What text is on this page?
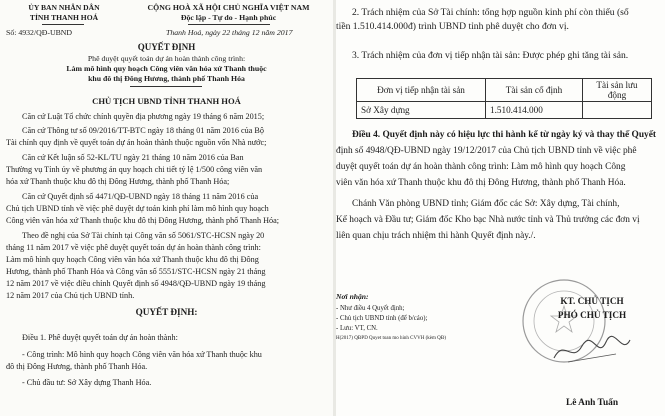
ỦY BAN NHÂN DÂN
TỈNH THANH HOÁ
CỘNG HOÀ XÃ HỘI CHỦ NGHĨA VIỆT NAM
Độc lập - Tự do - Hạnh phúc
Số: 4932/QĐ-UBND	Thanh Hoá, ngày 22 tháng 12 năm 2017
QUYẾT ĐỊNH
Phê duyệt quyết toán dự án hoàn thành công trình:
Làm mô hình quy hoạch Công viên văn hóa xứ Thanh thuộc
khu đô thị Đông Hương, thành phố Thanh Hóa
CHỦ TỊCH UBND TỈNH THANH HOÁ
Căn cứ Luật Tổ chức chính quyền địa phương ngày 19 tháng 6 năm 2015;
Căn cứ Thông tư số 09/2016/TT-BTC ngày 18 tháng 01 năm 2016 của Bộ
Tài chính quy định về quyết toán dự án hoàn thành thuộc nguồn vốn Nhà nước;
Căn cứ Kết luận số 52-KL/TU ngày 21 tháng 10 năm 2016 của Ban
Thường vụ Tỉnh ủy về phương án quy hoạch chi tiết tỷ lệ 1/500 công viên văn
hóa xứ Thanh thuộc khu đô thị Đông Hương, thành phố Thanh Hóa;
Căn cứ Quyết định số 4471/QĐ-UBND ngày 18 tháng 11 năm 2016 của
Chủ tịch UBND tỉnh về việc phê duyệt dự toán kinh phí làm mô hình quy hoạch
Công viên văn hóa xứ Thanh thuộc khu đô thị Đông Hương, thành phố Thanh Hóa;
Theo đề nghị của Sở Tài chính tại Công văn số 5061/STC-HCSN ngày 20
tháng 11 năm 2017 về việc phê duyệt quyết toán dự án hoàn thành công trình:
Làm mô hình quy hoạch Công viên văn hóa xứ Thanh thuộc khu đô thị Đông
Hương, thành phố Thanh Hóa và Công văn số 5551/STC-HCSN ngày 21 tháng
12 năm 2017 về việc điều chỉnh Quyết định số 4948/QĐ-UBND ngày 19 tháng
12 năm 2017 của Chủ tịch UBND tỉnh.
QUYẾT ĐỊNH:
Điều 1. Phê duyệt quyết toán dự án hoàn thành:
- Công trình: Mô hình quy hoạch Công viên văn hóa xứ Thanh thuộc khu
đô thị Đông Hương, thành phố Thanh Hóa.
- Chủ đầu tư: Sở Xây dựng Thanh Hóa.
2. Trách nhiệm của Sở Tài chính: tổng hợp nguồn kinh phí còn thiếu (số
tiền 1.510.414.000đ) trình UBND tỉnh phê duyệt cho đơn vị.
3. Trách nhiệm của đơn vị tiếp nhận tài sản: Được phép ghi tăng tài sản.
Đơn vị tiếp nhận tài sản	Tài sản cố định	Tài sản lưu động
Sở Xây dựng	1.510.414.000	
Điều 4. Quyết định này có hiệu lực thi hành kể từ ngày ký và thay thế Quyết
định số 4948/QĐ-UBND ngày 19/12/2017 của Chủ tịch UBND tỉnh về việc phê
duyệt quyết toán dự án hoàn thành công trình: Làm mô hình quy hoạch Công
viên văn hóa xứ Thanh thuộc khu đô thị Đông Hương, thành phố Thanh Hóa.
Chánh Văn phòng UBND tỉnh; Giám đốc các Sở: Xây dựng, Tài chính,
Kế hoạch và Đầu tư; Giám đốc Kho bạc Nhà nước tỉnh và Thủ trưởng các đơn vị
liên quan chịu trách nhiệm thi hành Quyết định này./.
Nơi nhận:
- Như điều 4 Quyết định;
- Chủ tịch UBND tỉnh (để b/cáo);
- Lưu: VT, CN.
H(2017) QĐPD Quyet toan mo hinh CVVH (kèm QĐ)
KT. CHỦ TỊCH
PHÓ CHỦ TỊCH
Lê Anh Tuấn
